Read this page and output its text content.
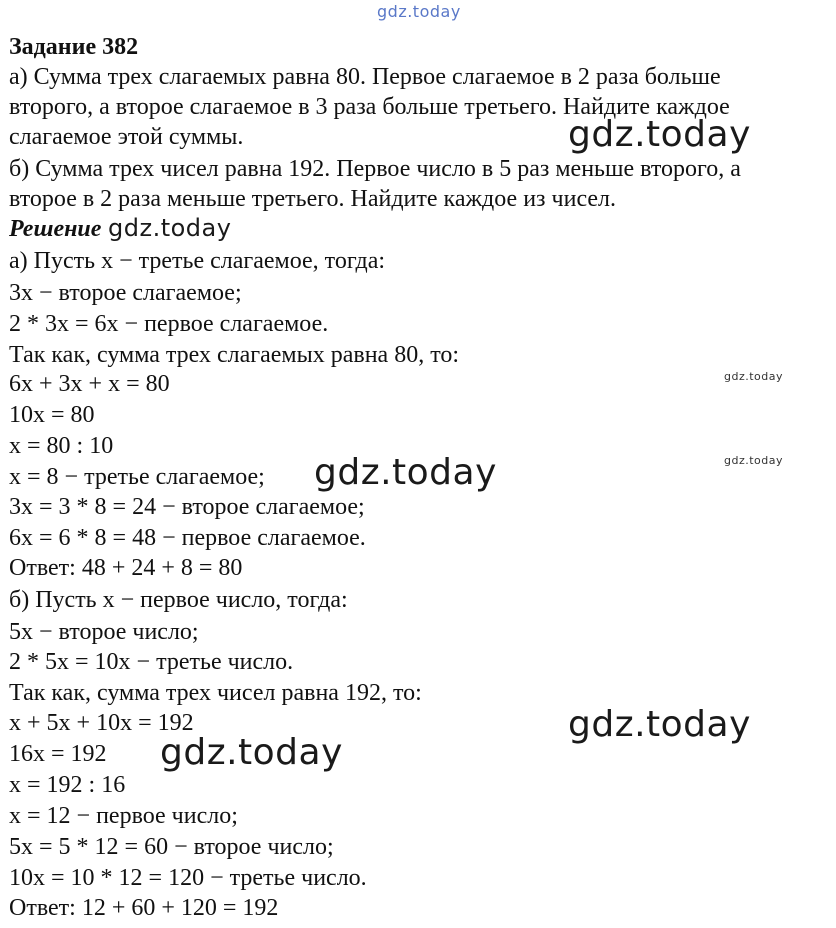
gdz.today
Задание 382
а) Сумма трех слагаемых равна 80. Первое слагаемое в 2 раза больше
второго, а второе слагаемое в 3 раза больше третьего. Найдите каждое
слагаемое этой суммы.
б) Сумма трех чисел равна 192. Первое число в 5 раз меньше второго, а
второе в 2 раза меньше третьего. Найдите каждое из чисел.
Решение
а) Пусть x − третье слагаемое, тогда:
3x − второе слагаемое;
2 * 3x = 6x − первое слагаемое.
Так как, сумма трех слагаемых равна 80, то:
6x + 3x + x = 80
10x = 80
x = 80 : 10
x = 8 − третье слагаемое;
3x = 3 * 8 = 24 − второе слагаемое;
6x = 6 * 8 = 48 − первое слагаемое.
Ответ: 48 + 24 + 8 = 80
б) Пусть x − первое число, тогда:
5x − второе число;
2 * 5x = 10x − третье число.
Так как, сумма трех чисел равна 192, то:
x + 5x + 10x = 192
16x = 192
x = 192 : 16
x = 12 − первое число;
5x = 5 * 12 = 60 − второе число;
10x = 10 * 12 = 120 − третье число.
Ответ: 12 + 60 + 120 = 192
gdz.today
gdz.today
gdz.today
gdz.today
gdz.today
gdz.today
gdz.today
